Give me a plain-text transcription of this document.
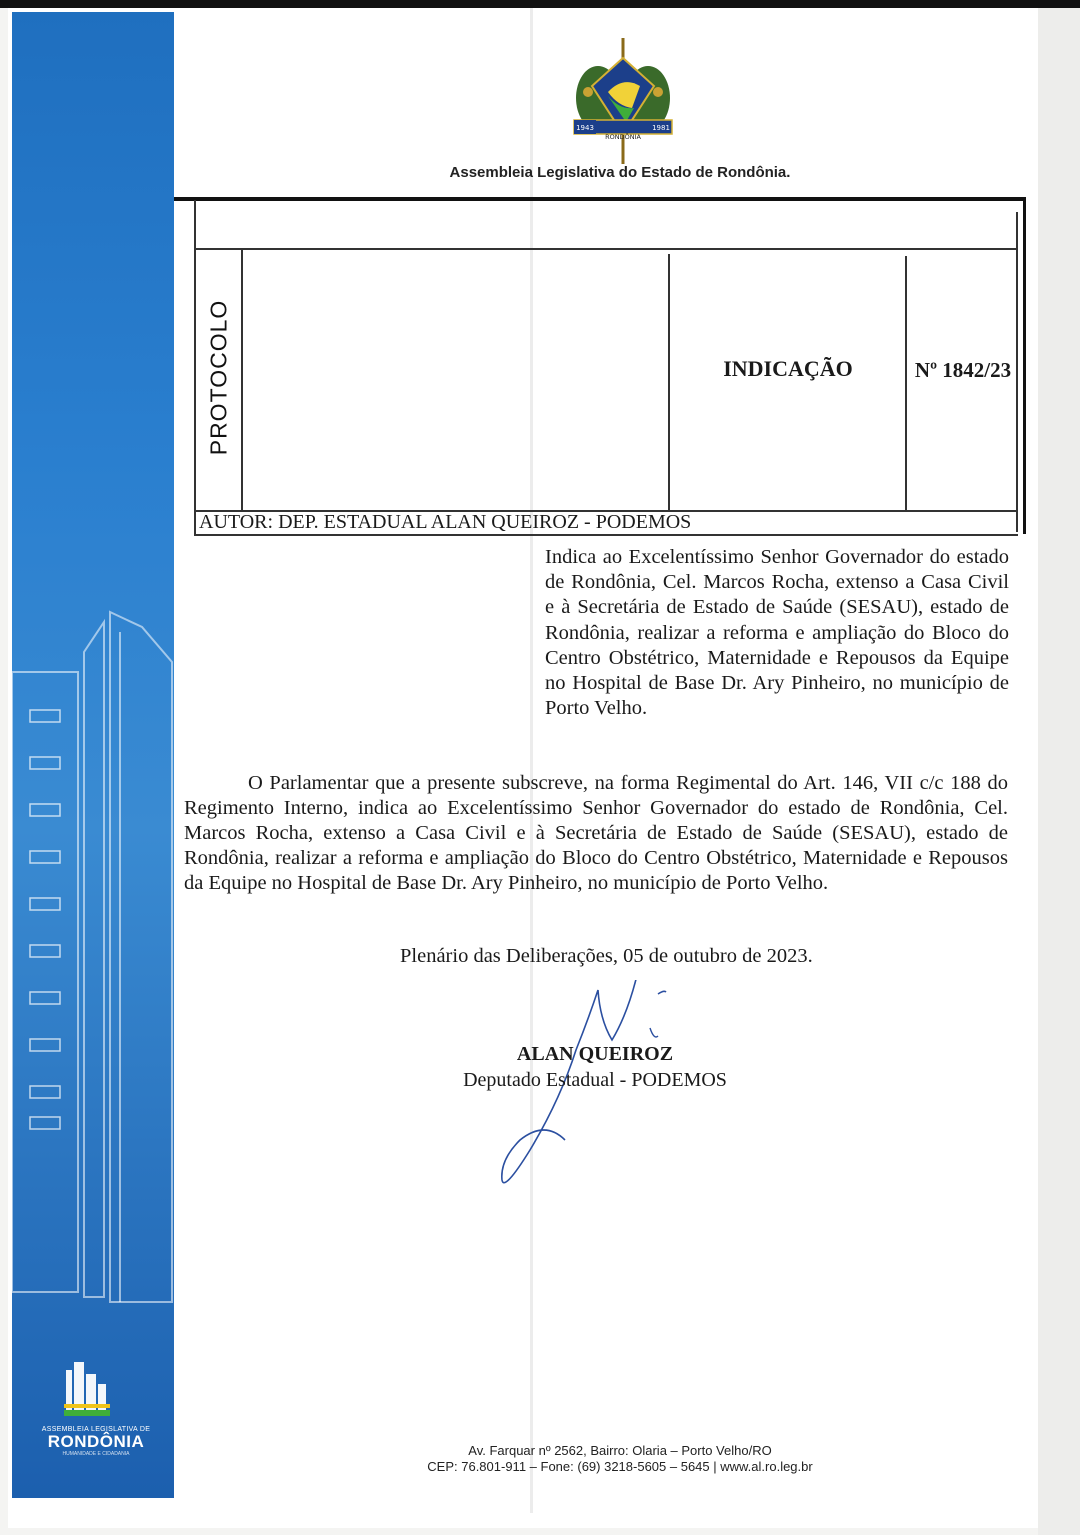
ASSEMBLEIA LEGISLATIVA DE
RONDÔNIA
HUMANIDADE E CIDADANIA
1943	1981
RONDÔNIA
Assembleia Legislativa do Estado de Rondônia.
PROTOCOLO	INDICAÇÃO	Nº 1842/23
AUTOR: DEP. ESTADUAL ALAN QUEIROZ - PODEMOS
Indica ao Excelentíssimo Senhor Governador do estado de Rondônia, Cel. Marcos Rocha, extenso a Casa Civil e à Secretária de Estado de Saúde (SESAU), estado de Rondônia, realizar a reforma e ampliação do Bloco do Centro Obstétrico, Maternidade e Repousos da Equipe no Hospital de Base Dr. Ary Pinheiro, no município de Porto Velho.
O Parlamentar que a presente subscreve, na forma Regimental do Art. 146, VII c/c 188 do Regimento Interno, indica ao Excelentíssimo Senhor Governador do estado de Rondônia, Cel. Marcos Rocha, extenso a Casa Civil e à Secretária de Estado de Saúde (SESAU), estado de Rondônia, realizar a reforma e ampliação do Bloco do Centro Obstétrico, Maternidade e Repousos da Equipe no Hospital de Base Dr. Ary Pinheiro, no município de Porto Velho.
Plenário das Deliberações, 05 de outubro de 2023.
ALAN QUEIROZ
Deputado Estadual - PODEMOS
Av. Farquar nº 2562, Bairro: Olaria – Porto Velho/RO
CEP: 76.801-911 – Fone: (69) 3218-5605 – 5645 | www.al.ro.leg.br
